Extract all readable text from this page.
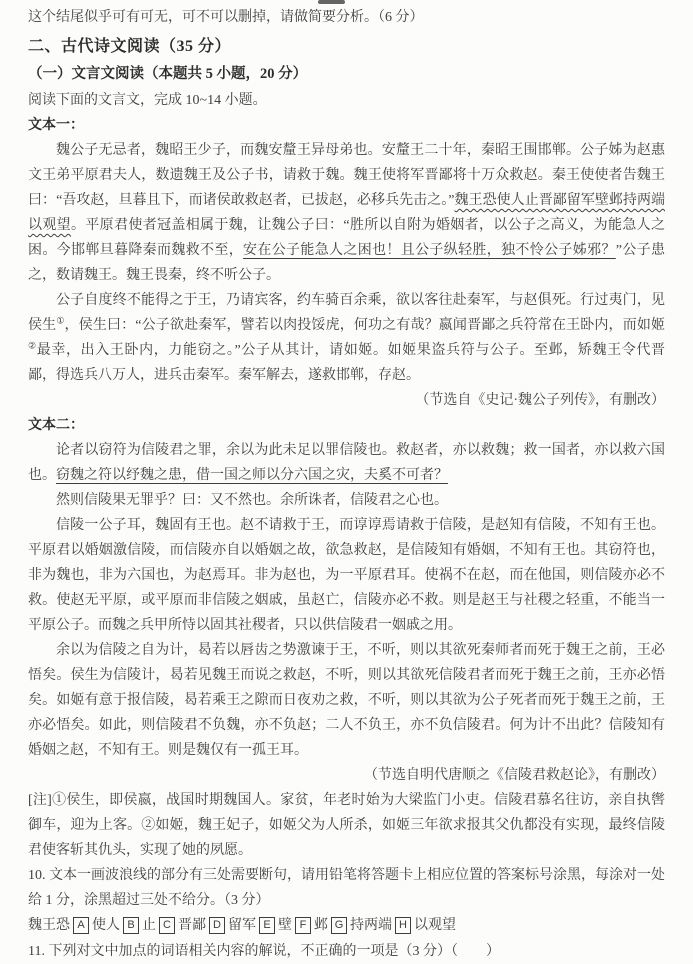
这个结尾似乎可有可无，可不可以删掉，请做简要分析。（6 分）

二、古代诗文阅读（35 分）

（一）文言文阅读（本题共 5 小题，20 分）

阅读下面的文言文，完成 10~14 小题。

文本一：

魏公子无忌者，魏昭王少子，而魏安釐王异母弟也。安釐王二十年，秦昭王围邯郸。公子姊为赵惠文王弟平原君夫人，数遗魏王及公子书，请救于魏。魏王使将军晋鄙将十万众救赵。秦王使使者告魏王曰：“吾攻赵，旦暮且下，而诸侯敢救赵者，已拔赵，必移兵先击之。”魏王恐使人止晋鄙留军壁邺持两端以观望。平原君使者冠盖相属于魏，让魏公子曰：“胜所以自附为婚姻者，以公子之高义，为能急人之困。今邯郸旦暮降秦而魏救不至，安在公子能急人之困也！且公子纵轻胜，独不怜公子姊邪？”公子患之，数请魏王。魏王畏秦，终不听公子。

公子自度终不能得之于王，乃请宾客，约车骑百余乘，欲以客往赴秦军，与赵俱死。行过夷门，见侯生①，侯生曰：“公子欲赴秦军，譬若以肉投馁虎，何功之有哉？嬴闻晋鄙之兵符常在王卧内，而如姬②最幸，出入王卧内，力能窃之。”公子从其计，请如姬。如姬果盗兵符与公子。至邺，矫魏王令代晋鄙，得选兵八万人，进兵击秦军。秦军解去，遂救邯郸，存赵。

（节选自《史记·魏公子列传》，有删改）

文本二：

论者以窃符为信陵君之罪，余以为此未足以罪信陵也。救赵者，亦以救魏；救一国者，亦以救六国也。窃魏之符以纾魏之患，借一国之师以分六国之灾，夫奚不可者？

然则信陵果无罪乎？曰：又不然也。余所诛者，信陵君之心也。

信陵一公子耳，魏固有王也。赵不请救于王，而谆谆焉请救于信陵，是赵知有信陵，不知有王也。平原君以婚姻激信陵，而信陵亦自以婚姻之故，欲急救赵，是信陵知有婚姻，不知有王也。其窃符也，非为魏也，非为六国也，为赵焉耳。非为赵也，为一平原君耳。使祸不在赵，而在他国，则信陵亦必不救。使赵无平原，或平原而非信陵之姻戚，虽赵亡，信陵亦必不救。则是赵王与社稷之轻重，不能当一平原公子。而魏之兵甲所恃以固其社稷者，只以供信陵君一姻戚之用。

余以为信陵之自为计，曷若以唇齿之势激谏于王，不听，则以其欲死秦师者而死于魏王之前，王必悟矣。侯生为信陵计，曷若见魏王而说之救赵，不听，则以其欲死信陵君者而死于魏王之前，王亦必悟矣。如姬有意于报信陵，曷若乘王之隙而日夜劝之救，不听，则以其欲为公子死者而死于魏王之前，王亦必悟矣。如此，则信陵君不负魏，亦不负赵；二人不负王，亦不负信陵君。何为计不出此？信陵知有婚姻之赵，不知有王。则是魏仅有一孤王耳。

（节选自明代唐顺之《信陵君救赵论》，有删改）

[注]①侯生，即侯嬴，战国时期魏国人。家贫，年老时始为大梁监门小吏。信陵君慕名往访，亲自执辔御车，迎为上客。②如姬，魏王妃子，如姬父为人所杀，如姬三年欲求报其父仇都没有实现，最终信陵君使客斩其仇头，实现了她的夙愿。

10. 文本一画波浪线的部分有三处需要断句，请用铅笔将答题卡上相应位置的答案标号涂黑，每涂对一处给 1 分，涂黑超过三处不给分。（3 分）

魏王恐 A 使人 B 止 C 晋鄙 D 留军 E 壁 F 邺 G 持两端 H 以观望

11. 下列对文中加点的词语相关内容的解说，不正确的一项是（3 分）（　　）
